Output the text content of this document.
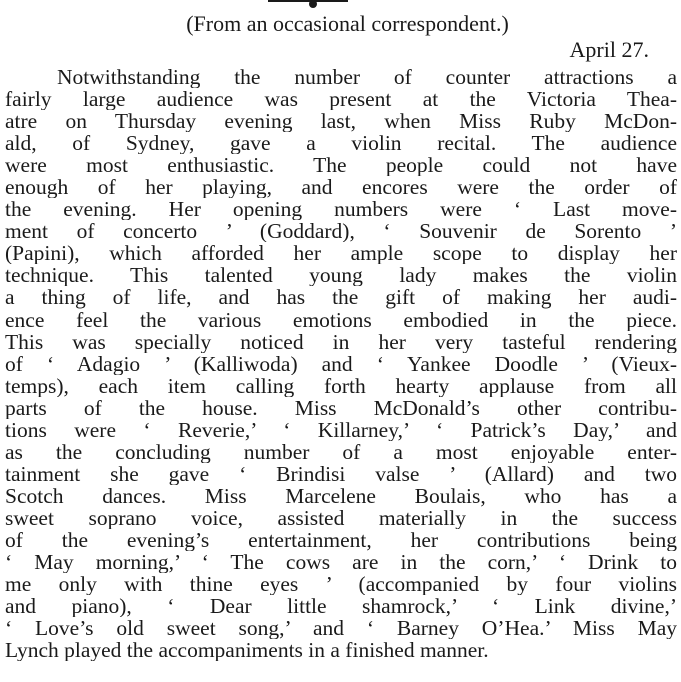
(From an occasional correspondent.)
April 27.
Notwithstanding the number of counter attractions a
fairly large audience was present at the Victoria Thea-
atre on Thursday evening last, when Miss Ruby McDon-
ald, of Sydney, gave a violin recital. The audience
were most enthusiastic. The people could not have
enough of her playing, and encores were the order of
the evening. Her opening numbers were ‘ Last move-
ment of concerto ’ (Goddard), ‘ Souvenir de Sorento ’
(Papini), which afforded her ample scope to display her
technique. This talented young lady makes the violin
a thing of life, and has the gift of making her audi-
ence feel the various emotions embodied in the piece.
This was specially noticed in her very tasteful rendering
of ‘ Adagio ’ (Kalliwoda) and ‘ Yankee Doodle ’ (Vieux-
temps), each item calling forth hearty applause from all
parts of the house. Miss McDonald’s other contribu-
tions were ‘ Reverie,’ ‘ Killarney,’ ‘ Patrick’s Day,’ and
as the concluding number of a most enjoyable enter-
tainment she gave ‘ Brindisi valse ’ (Allard) and two
Scotch dances. Miss Marcelene Boulais, who has a
sweet soprano voice, assisted materially in the success
of the evening’s entertainment, her contributions being
‘ May morning,’ ‘ The cows are in the corn,’ ‘ Drink to
me only with thine eyes ’ (accompanied by four violins
and piano), ‘ Dear little shamrock,’ ‘ Link divine,’
‘ Love’s old sweet song,’ and ‘ Barney O’Hea.’ Miss May
Lynch played the accompaniments in a finished manner.
